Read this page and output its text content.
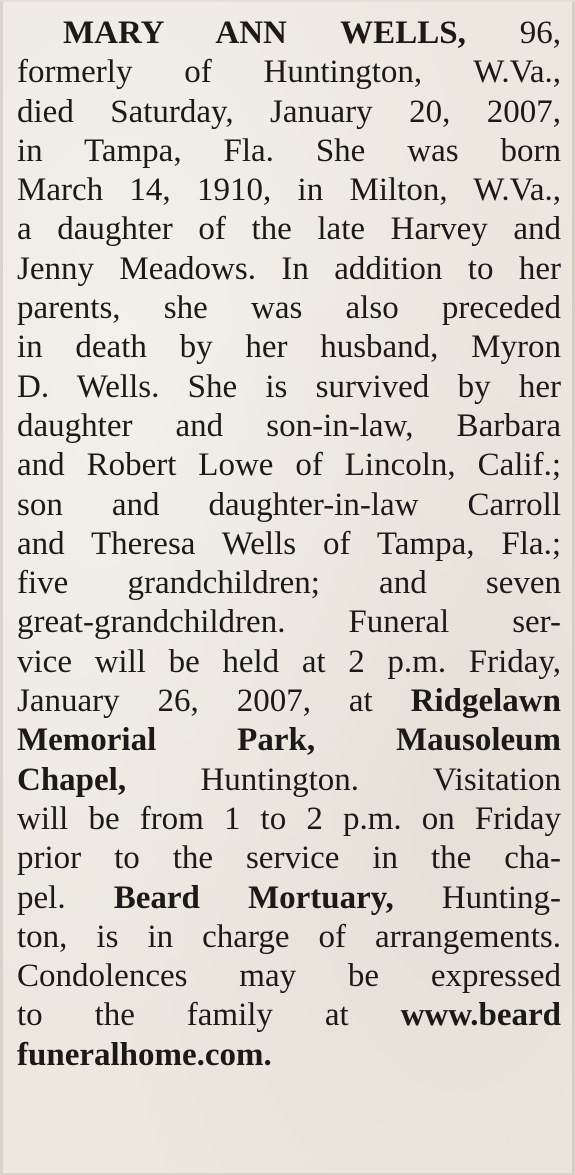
MARY ANN WELLS, 96,
formerly of Huntington, W.Va.,
died Saturday, January 20, 2007,
in Tampa, Fla. She was born
March 14, 1910, in Milton, W.Va.,
a daughter of the late Harvey and
Jenny Meadows. In addition to her
parents, she was also preceded
in death by her husband, Myron
D. Wells. She is survived by her
daughter and son-in-law, Barbara
and Robert Lowe of Lincoln, Calif.;
son and daughter-in-law Carroll
and Theresa Wells of Tampa, Fla.;
five grandchildren; and seven
great-grandchildren. Funeral ser-
vice will be held at 2 p.m. Friday,
January 26, 2007, at Ridgelawn
Memorial Park, Mausoleum
Chapel, Huntington. Visitation
will be from 1 to 2 p.m. on Friday
prior to the service in the cha-
pel. Beard Mortuary, Hunting-
ton, is in charge of arrangements.
Condolences may be expressed
to the family at www.beard
funeralhome.com.
